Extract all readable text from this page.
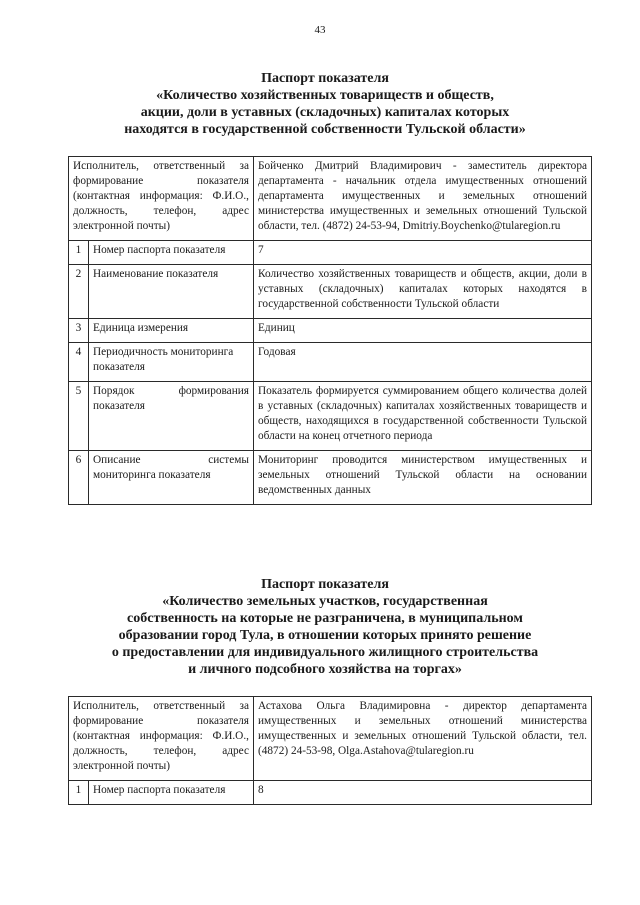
43
Паспорт показателя
«Количество хозяйственных товариществ и обществ,
акции, доли в уставных (складочных) капиталах которых
находятся в государственной собственности Тульской области»
Исполнитель, ответственный за формирование показателя (контактная информация: Ф.И.О., должность, телефон, адрес электронной почты)		Бойченко Дмитрий Владимирович - заместитель директора департамента - начальник отдела имущественных отношений департамента имущественных и земельных отношений министерства имущественных и земельных отношений Тульской области, тел. (4872) 24-53-94, Dmitriy.Boychenko@tularegion.ru
1	Номер паспорта показателя	7
2	Наименование показателя	Количество хозяйственных товариществ и обществ, акции, доли в уставных (складочных) капиталах которых находятся в государственной собственности Тульской области
3	Единица измерения	Единиц
4	Периодичность мониторинга показателя	Годовая
5	Порядок формирования показателя	Показатель формируется суммированием общего количества долей в уставных (складочных) капиталах хозяйственных товариществ и обществ, находящихся в государственной собственности Тульской области на конец отчетного периода
6	Описание системы мониторинга показателя	Мониторинг проводится министерством имущественных и земельных отношений Тульской области на основании ведомственных данных
Паспорт показателя
«Количество земельных участков, государственная
собственность на которые не разграничена, в муниципальном
образовании город Тула, в отношении которых принято решение
о предоставлении для индивидуального жилищного строительства
и личного подсобного хозяйства на торгах»
Исполнитель, ответственный за формирование показателя (контактная информация: Ф.И.О., должность, телефон, адрес электронной почты)		Астахова Ольга Владимировна - директор департамента имущественных и земельных отношений министерства имущественных и земельных отношений Тульской области, тел. (4872) 24-53-98, Olga.Astahova@tularegion.ru
1	Номер паспорта показателя	8
